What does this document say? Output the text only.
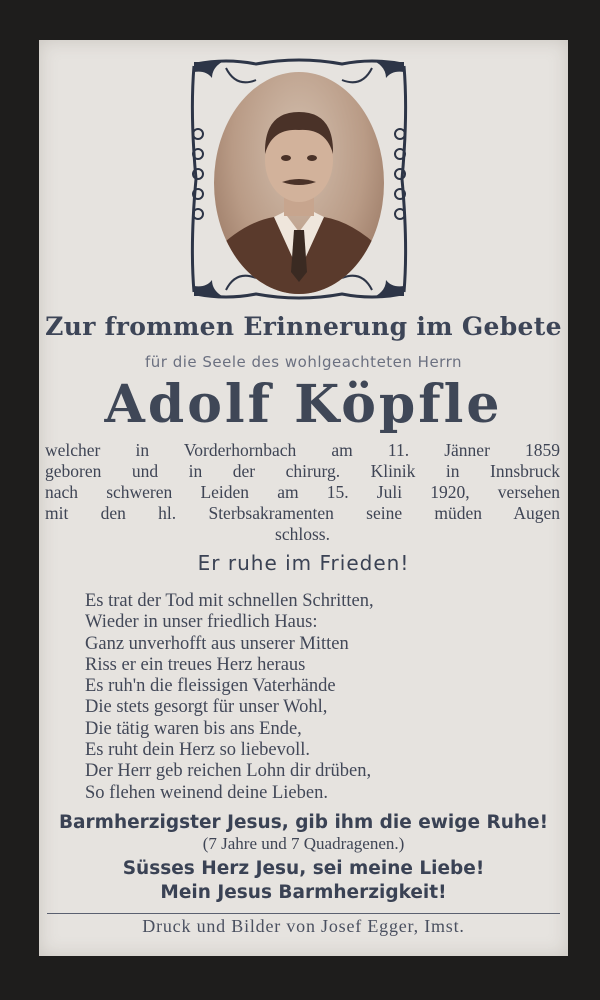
Zur frommen Erinnerung im Gebete
für die Seele des wohlgeachteten Herrn
Adolf Köpfle
welcher in Vorderhornbach am 11. Jänner 1859
geboren und in der chirurg. Klinik in Innsbruck
nach schweren Leiden am 15. Juli 1920, versehen
mit den hl. Sterbsakramenten seine müden Augen
schloss.
Er ruhe im Frieden!
Es trat der Tod mit schnellen Schritten,
Wieder in unser friedlich Haus:
Ganz unverhofft aus unserer Mitten
Riss er ein treues Herz heraus
Es ruh'n die fleissigen Vaterhände
Die stets gesorgt für unser Wohl,
Die tätig waren bis ans Ende,
Es ruht dein Herz so liebevoll.
Der Herr geb reichen Lohn dir drüben,
So flehen weinend deine Lieben.
Barmherzigster Jesus, gib ihm die ewige Ruhe!
(7 Jahre und 7 Quadragenen.)
Süsses Herz Jesu, sei meine Liebe!
Mein Jesus Barmherzigkeit!
Druck und Bilder von Josef Egger, Imst.
